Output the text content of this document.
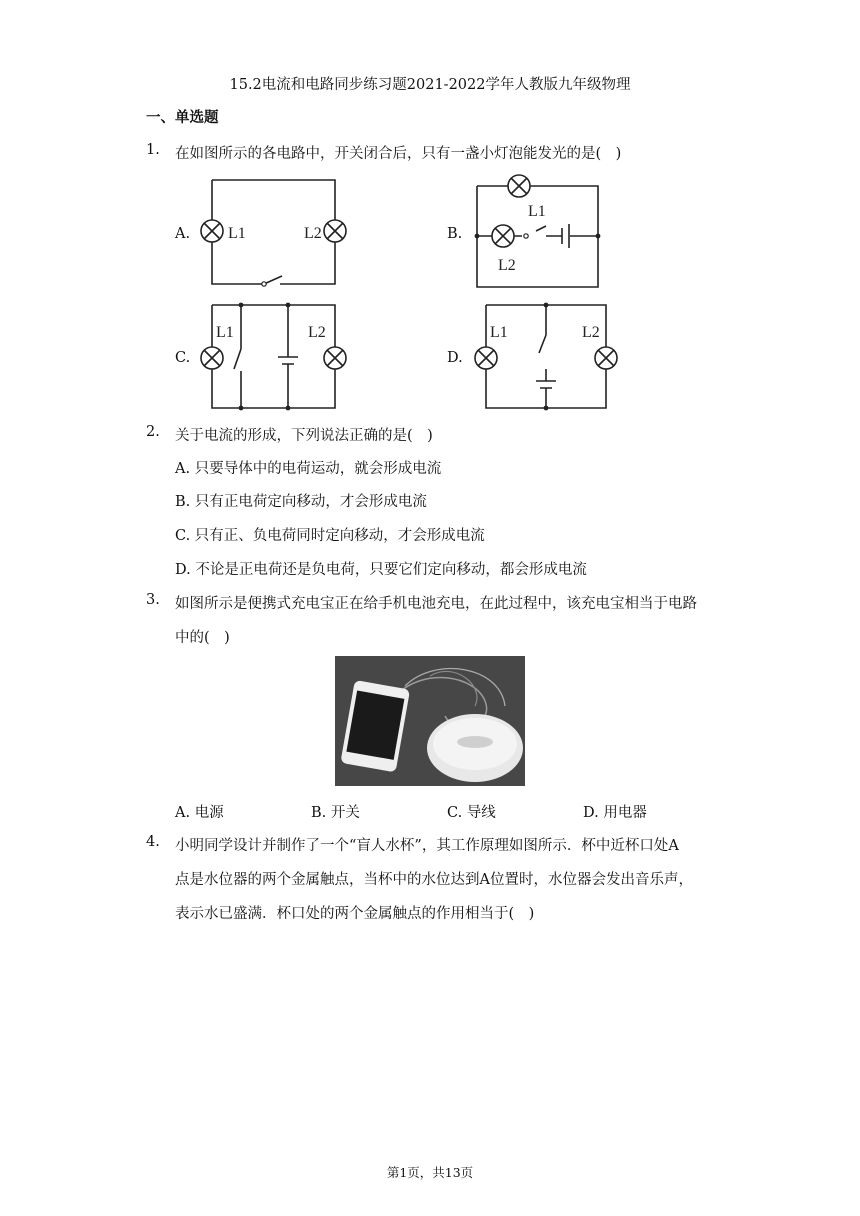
15.2电流和电路同步练习题2021-2022学年人教版九年级物理
一、单选题
1. 在如图所示的各电路中，开关闭合后，只有一盏小灯泡能发光的是(　)
A. L1	L2	B.
L1
L2
C.
L1	L2
D.
L1	L2
2. 关于电流的形成，下列说法正确的是(　)
A. 只要导体中的电荷运动，就会形成电流
B. 只有正电荷定向移动，才会形成电流
C. 只有正、负电荷同时定向移动，才会形成电流
D. 不论是正电荷还是负电荷，只要它们定向移动，都会形成电流
3. 如图所示是便携式充电宝正在给手机电池充电，在此过程中，该充电宝相当于电路
中的(　)
A. 电源	B. 开关	C. 导线	D. 用电器
4. 小明同学设计并制作了一个“盲人水杯”，其工作原理如图所示．杯中近杯口处A
点是水位器的两个金属触点，当杯中的水位达到A位置时，水位器会发出音乐声，
表示水已盛满．杯口处的两个金属触点的作用相当于(　)
第1页，共13页
